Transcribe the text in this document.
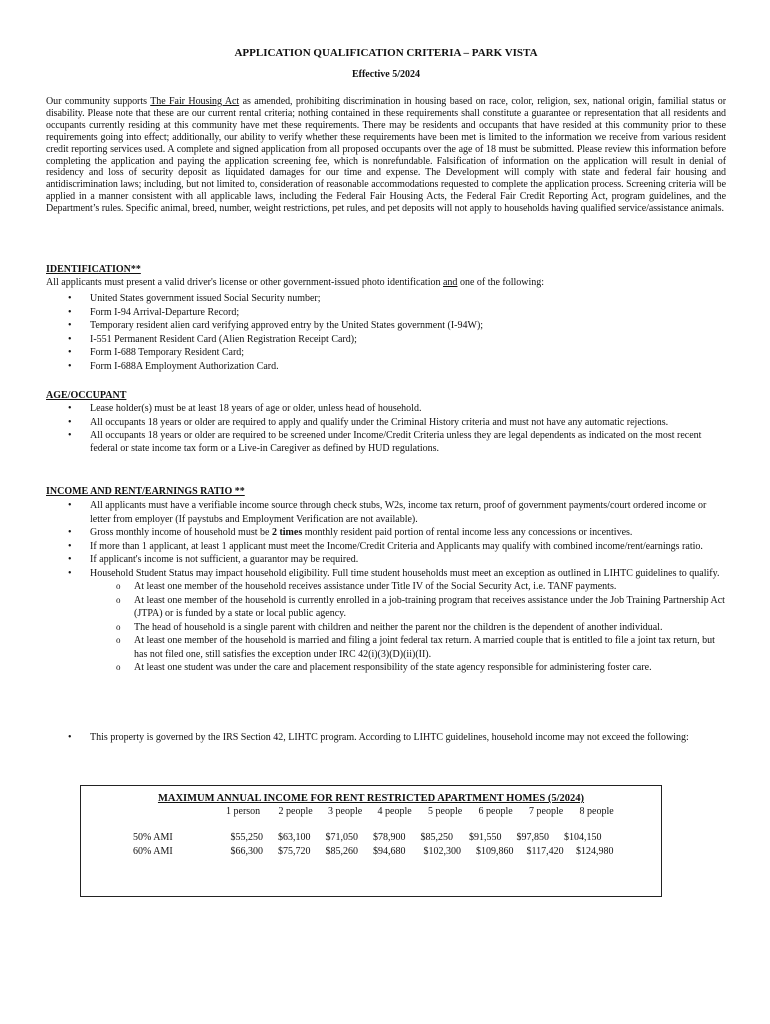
APPLICATION QUALIFICATION CRITERIA – PARK VISTA
Effective 5/2024

Our community supports The Fair Housing Act as amended, prohibiting discrimination in housing based on race, color, religion, sex, national origin, familial status or disability. Please note that these are our current rental criteria; nothing contained in these requirements shall constitute a guarantee or representation that all residents and occupants currently residing at this community have met these requirements. There may be residents and occupants that have resided at this community prior to these requirements going into effect; additionally, our ability to verify whether these requirements have been met is limited to the information we receive from various resident credit reporting services used. A complete and signed application from all proposed occupants over the age of 18 must be submitted. Please review this information before completing the application and paying the application screening fee, which is nonrefundable. Falsification of information on the application will result in denial of residency and loss of security deposit as liquidated damages for our time and expense. The Development will comply with state and federal fair housing and antidiscrimination laws; including, but not limited to, consideration of reasonable accommodations requested to complete the application process. Screening criteria will be applied in a manner consistent with all applicable laws, including the Federal Fair Housing Acts, the Federal Fair Credit Reporting Act, program guidelines, and the Department’s rules. Specific animal, breed, number, weight restrictions, pet rules, and pet deposits will not apply to households having qualified service/assistance animals.

IDENTIFICATION**

All applicants must present a valid driver's license or other government-issued photo identification and one of the following:

• United States government issued Social Security number;
• Form I-94 Arrival-Departure Record;
• Temporary resident alien card verifying approved entry by the United States government (I-94W);
• I-551 Permanent Resident Card (Alien Registration Receipt Card);
• Form I-688 Temporary Resident Card;
• Form I-688A Employment Authorization Card.
AGE/OCCUPANT
• Lease holder(s) must be at least 18 years of age or older, unless head of household.
• All occupants 18 years or older are required to apply and qualify under the Criminal History criteria and must not have any automatic rejections.
• All occupants 18 years or older are required to be screened under Income/Credit Criteria unless they are legal dependents as indicated on the most recent federal or state income tax form or a Live-in Caregiver as defined by HUD regulations.
INCOME AND RENT/EARNINGS RATIO **
• All applicants must have a verifiable income source through check stubs, W2s, income tax return, proof of government payments/court ordered income or letter from employer (If paystubs and Employment Verification are not available).
• Gross monthly income of household must be 2 times monthly resident paid portion of rental income less any concessions or incentives.
• If more than 1 applicant, at least 1 applicant must meet the Income/Credit Criteria and Applicants may qualify with combined income/rent/earnings ratio.
• If applicant's income is not sufficient, a guarantor may be required.
• Household Student Status may impact household eligibility. Full time student households must meet an exception as outlined in LIHTC guidelines to qualify.
o At least one member of the household receives assistance under Title IV of the Social Security Act, i.e. TANF payments.
o At least one member of the household is currently enrolled in a job-training program that receives assistance under the Job Training Partnership Act (JTPA) or is funded by a state or local public agency.
o The head of household is a single parent with children and neither the parent nor the children is the dependent of another individual.
o At least one member of the household is married and filing a joint federal tax return. A married couple that is entitled to file a joint tax return, but has not filed one, still satisfies the exception under IRC 42(i)(3)(D)(ii)(II).
o At least one student was under the care and placement responsibility of the state agency responsible for administering foster care.
• This property is governed by the IRS Section 42, LIHTC program. According to LIHTC guidelines, household income may not exceed the following:
MAXIMUM ANNUAL INCOME FOR RENT RESTRICTED APARTMENT HOMES (5/2024)
1 person 2 people 3 people 4 people 5 people 6 people 7 people 8 people
50% AMI	$55,250 $63,100 $71,050 $78,900 $85,250 $91,550 $97,850 $104,150
60% AMI	$66,300 $75,720 $85,260 $94,680 $102,300 $109,860 $117,420 $124,980
